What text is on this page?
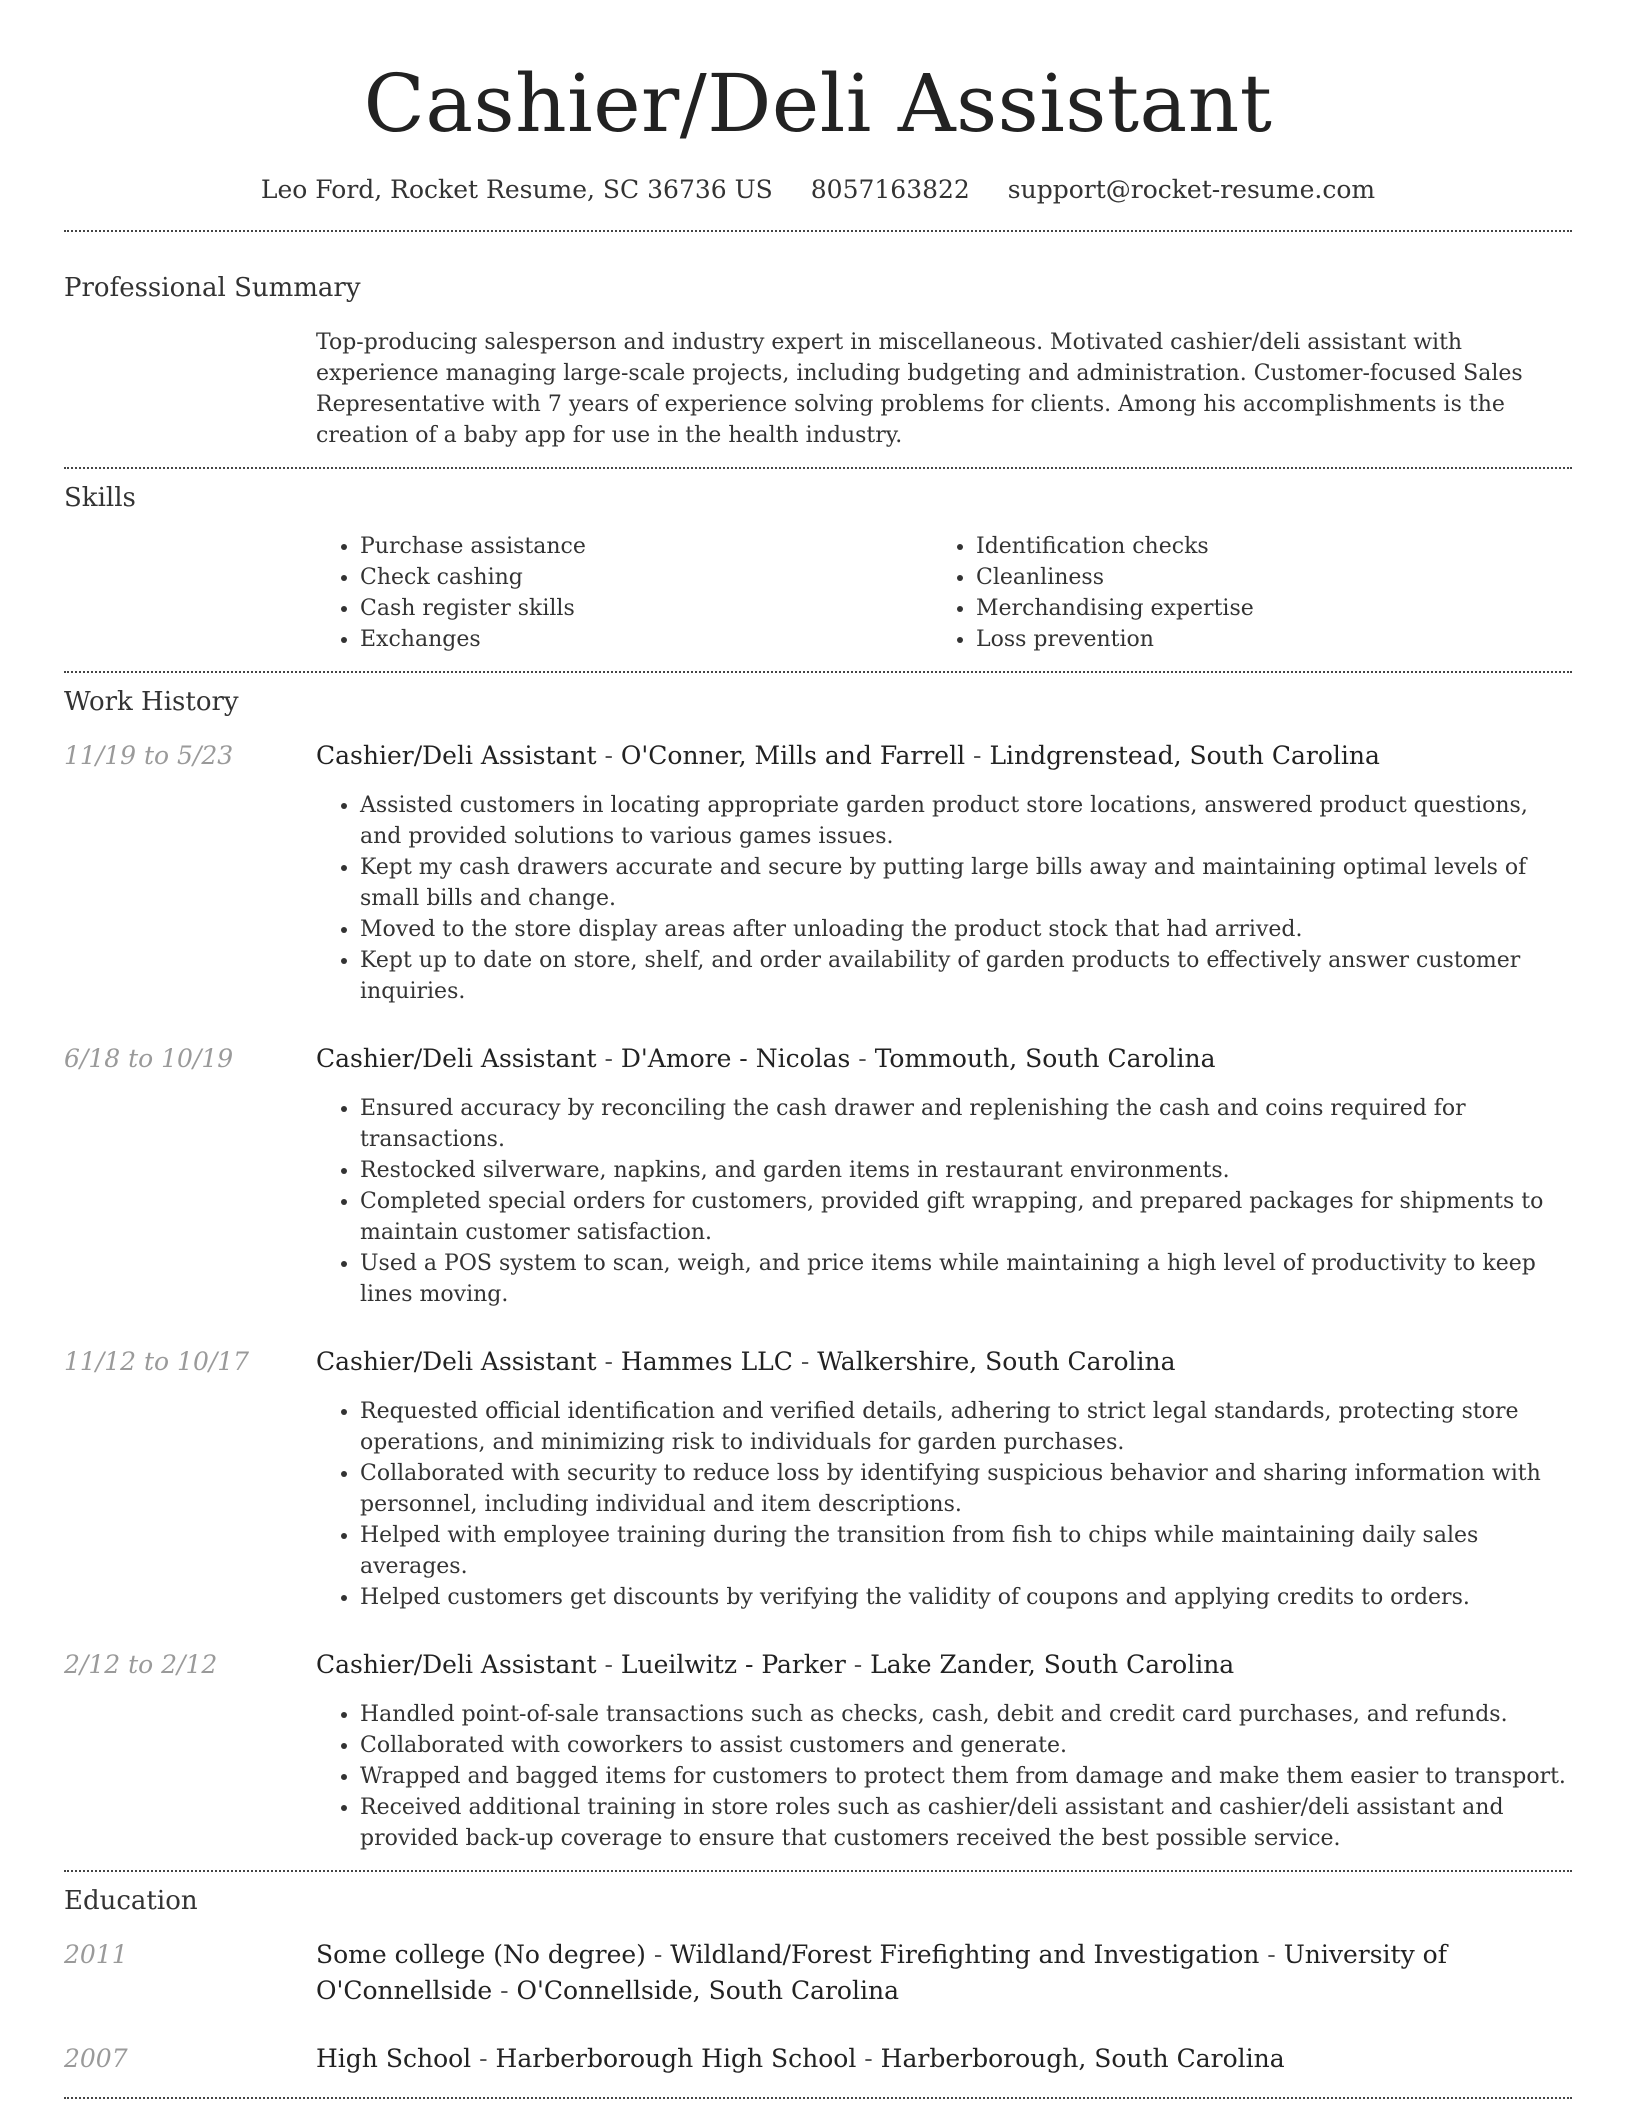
Cashier/Deli Assistant
Leo Ford, Rocket Resume, SC 36736 US 8057163822 support@rocket-resume.com
Professional Summary
Top-producing salesperson and industry expert in miscellaneous. Motivated cashier/deli assistant with experience managing large-scale projects, including budgeting and administration. Customer-focused Sales Representative with 7 years of experience solving problems for clients. Among his accomplishments is the creation of a baby app for use in the health industry.
Skills
• Purchase assistance
• Check cashing
• Cash register skills
• Exchanges
• Identification checks
• Cleanliness
• Merchandising expertise
• Loss prevention
Work History
11/19 to 5/23	Cashier/Deli Assistant - O'Conner, Mills and Farrell - Lindgrenstead, South Carolina
• Assisted customers in locating appropriate garden product store locations, answered product questions, and provided solutions to various games issues.
• Kept my cash drawers accurate and secure by putting large bills away and maintaining optimal levels of small bills and change.
• Moved to the store display areas after unloading the product stock that had arrived.
• Kept up to date on store, shelf, and order availability of garden products to effectively answer customer inquiries.
6/18 to 10/19	Cashier/Deli Assistant - D'Amore - Nicolas - Tommouth, South Carolina
• Ensured accuracy by reconciling the cash drawer and replenishing the cash and coins required for transactions.
• Restocked silverware, napkins, and garden items in restaurant environments.
• Completed special orders for customers, provided gift wrapping, and prepared packages for shipments to maintain customer satisfaction.
• Used a POS system to scan, weigh, and price items while maintaining a high level of productivity to keep lines moving.
11/12 to 10/17	Cashier/Deli Assistant - Hammes LLC - Walkershire, South Carolina
• Requested official identification and verified details, adhering to strict legal standards, protecting store operations, and minimizing risk to individuals for garden purchases.
• Collaborated with security to reduce loss by identifying suspicious behavior and sharing information with personnel, including individual and item descriptions.
• Helped with employee training during the transition from fish to chips while maintaining daily sales averages.
• Helped customers get discounts by verifying the validity of coupons and applying credits to orders.
2/12 to 2/12	Cashier/Deli Assistant - Lueilwitz - Parker - Lake Zander, South Carolina
• Handled point-of-sale transactions such as checks, cash, debit and credit card purchases, and refunds.
• Collaborated with coworkers to assist customers and generate.
• Wrapped and bagged items for customers to protect them from damage and make them easier to transport.
• Received additional training in store roles such as cashier/deli assistant and cashier/deli assistant and provided back-up coverage to ensure that customers received the best possible service.
Education
2011	Some college (No degree) - Wildland/Forest Firefighting and Investigation - University of O'Connellside - O'Connellside, South Carolina
2007	High School - Harberborough High School - Harberborough, South Carolina
